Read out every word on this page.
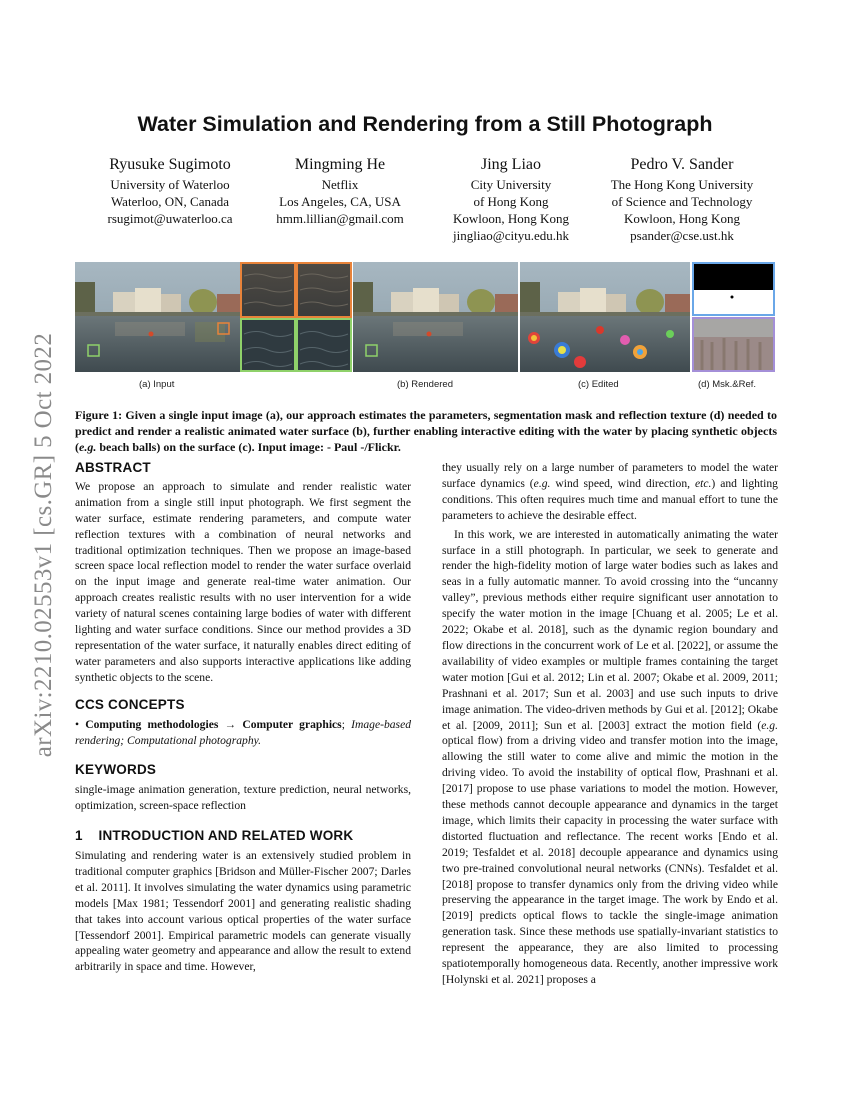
arXiv:2210.02553v1 [cs.GR] 5 Oct 2022
Water Simulation and Rendering from a Still Photograph
Ryusuke Sugimoto
University of Waterloo
Waterloo, ON, Canada
rsugimot@uwaterloo.ca
Mingming He
Netflix
Los Angeles, CA, USA
hmm.lillian@gmail.com
Jing Liao
City University
of Hong Kong
Kowloon, Hong Kong
jingliao@cityu.edu.hk
Pedro V. Sander
The Hong Kong University
of Science and Technology
Kowloon, Hong Kong
psander@cse.ust.hk
(a) Input	(b) Rendered	(c) Edited	(d) Msk.&Ref.
Figure 1: Given a single input image (a), our approach estimates the parameters, segmentation mask and reflection texture (d) needed to predict and render a realistic animated water surface (b), further enabling interactive editing with the water by placing synthetic objects (e.g. beach balls) on the surface (c). Input image: - Paul -/Flickr.
ABSTRACT

We propose an approach to simulate and render realistic water animation from a single still input photograph. We first segment the water surface, estimate rendering parameters, and compute water reflection textures with a combination of neural networks and traditional optimization techniques. Then we propose an image-based screen space local reflection model to render the water surface overlaid on the input image and generate real-time water animation. Our approach creates realistic results with no user intervention for a wide variety of natural scenes containing large bodies of water with different lighting and water surface conditions. Since our method provides a 3D representation of the water surface, it naturally enables direct editing of water parameters and also supports interactive applications like adding synthetic objects to the scene.

CCS CONCEPTS

• Computing methodologies → Computer graphics; Image-based rendering; Computational photography.

KEYWORDS

single-image animation generation, texture prediction, neural networks, optimization, screen-space reflection

1    INTRODUCTION AND RELATED WORK

Simulating and rendering water is an extensively studied problem in traditional computer graphics [Bridson and Müller-Fischer 2007; Darles et al. 2011]. It involves simulating the water dynamics using parametric models [Max 1981; Tessendorf 2001] and generating realistic shading that takes into account various optical properties of the water surface [Tessendorf 2001]. Empirical parametric models can generate visually appealing water geometry and appearance and allow the result to extend arbitrarily in space and time. However,

they usually rely on a large number of parameters to model the water surface dynamics (e.g. wind speed, wind direction, etc.) and lighting conditions. This often requires much time and manual effort to tune the parameters to achieve the desirable effect.

In this work, we are interested in automatically animating the water surface in a still photograph. In particular, we seek to generate and render the high-fidelity motion of large water bodies such as lakes and seas in a fully automatic manner. To avoid crossing into the “uncanny valley”, previous methods either require significant user annotation to specify the water motion in the image [Chuang et al. 2005; Le et al. 2022; Okabe et al. 2018], such as the dynamic region boundary and flow directions in the concurrent work of Le et al. [2022], or assume the availability of video examples or multiple frames containing the target water motion [Gui et al. 2012; Lin et al. 2007; Okabe et al. 2009, 2011; Prashnani et al. 2017; Sun et al. 2003] and use such inputs to drive image animation. The video-driven methods by Gui et al. [2012]; Okabe et al. [2009, 2011]; Sun et al. [2003] extract the motion field (e.g. optical flow) from a driving video and transfer motion into the image, allowing the still water to come alive and mimic the motion in the driving video. To avoid the instability of optical flow, Prashnani et al. [2017] propose to use phase variations to model the motion. However, these methods cannot decouple appearance and dynamics in the target image, which limits their capacity in processing the water surface with distorted fluctuation and reflectance. The recent works [Endo et al. 2019; Tesfaldet et al. 2018] decouple appearance and dynamics using two pre-trained convolutional neural networks (CNNs). Tesfaldet et al. [2018] propose to transfer dynamics only from the driving video while preserving the appearance in the target image. The work by Endo et al. [2019] predicts optical flows to tackle the single-image animation generation task. Since these methods use spatially-invariant statistics to represent the appearance, they are also limited to processing spatiotemporally homogeneous data. Recently, another impressive work [Holynski et al. 2021] proposes a
